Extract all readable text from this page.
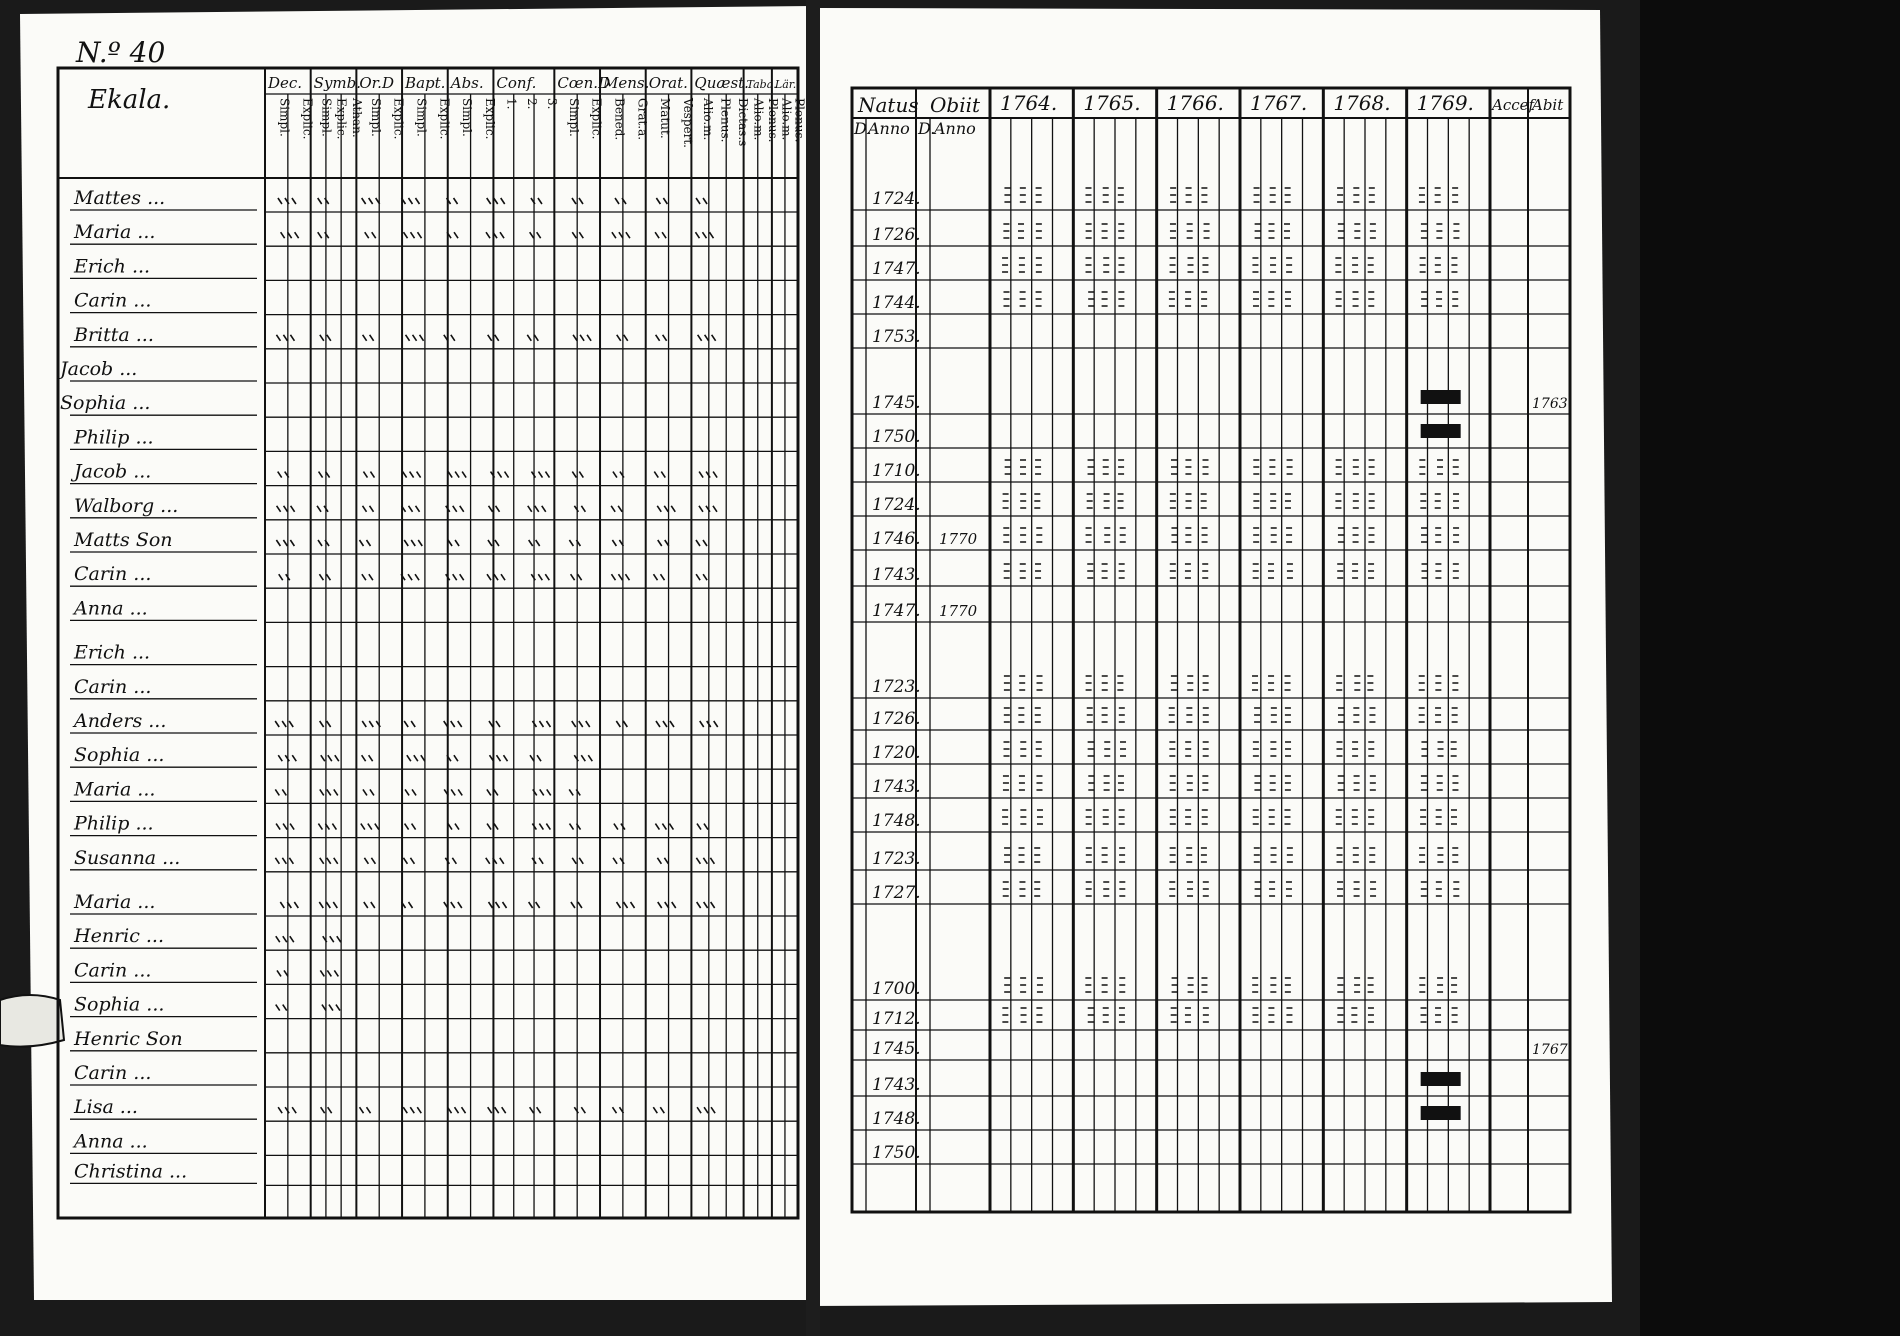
N.º 40
Ekala.
Dec.
Simpl. Explic.
Symb.
Simpl. Explic. Athan.
Or.D
Simpl. Explic.
Bapt.
Simpl. Explic.
Abs.
Simpl. Explic.
Conf.
1. 2. 3.
Cœn.D
Simpl. Explic.
Mens.
Bened. Grat.a.
Orat.
Matut. Vespert.
Quæst.
Alio.m. Plenus. Dictas.s
Taba.
Alio.m. Plenus.
Lär.
Alio.m. Plenus.
Mattes ...
Maria ...
Erich ...
Carin ...
Britta ...
Jacob ...
Sophia ...
Philip ...
Jacob ...
Walborg ...
Matts Son
Carin ...
Anna ...
Erich ...
Carin ...
Anders ...
Sophia ...
Maria ...
Philip ...
Susanna ...
Maria ...
Henric ...
Carin ...
Sophia ...
Henric Son
Carin ...
Lisa ...
Anna ...
Christina ...
Natus Obiit
D.
Anno D.
Anno
1764. 1765. 1766. 1767. 1768. 1769. Accef
Abit
1724.
1726.
1747.
1744.
1753.
1745.
1750.
1710.
1724.
1746.
1743.
1747.
1723.
1726.
1720.
1743.
1748.
1723.
1727.
1700.
1712.
1745.
1743.
1748.
1750.
1770
1770
1763
1767
